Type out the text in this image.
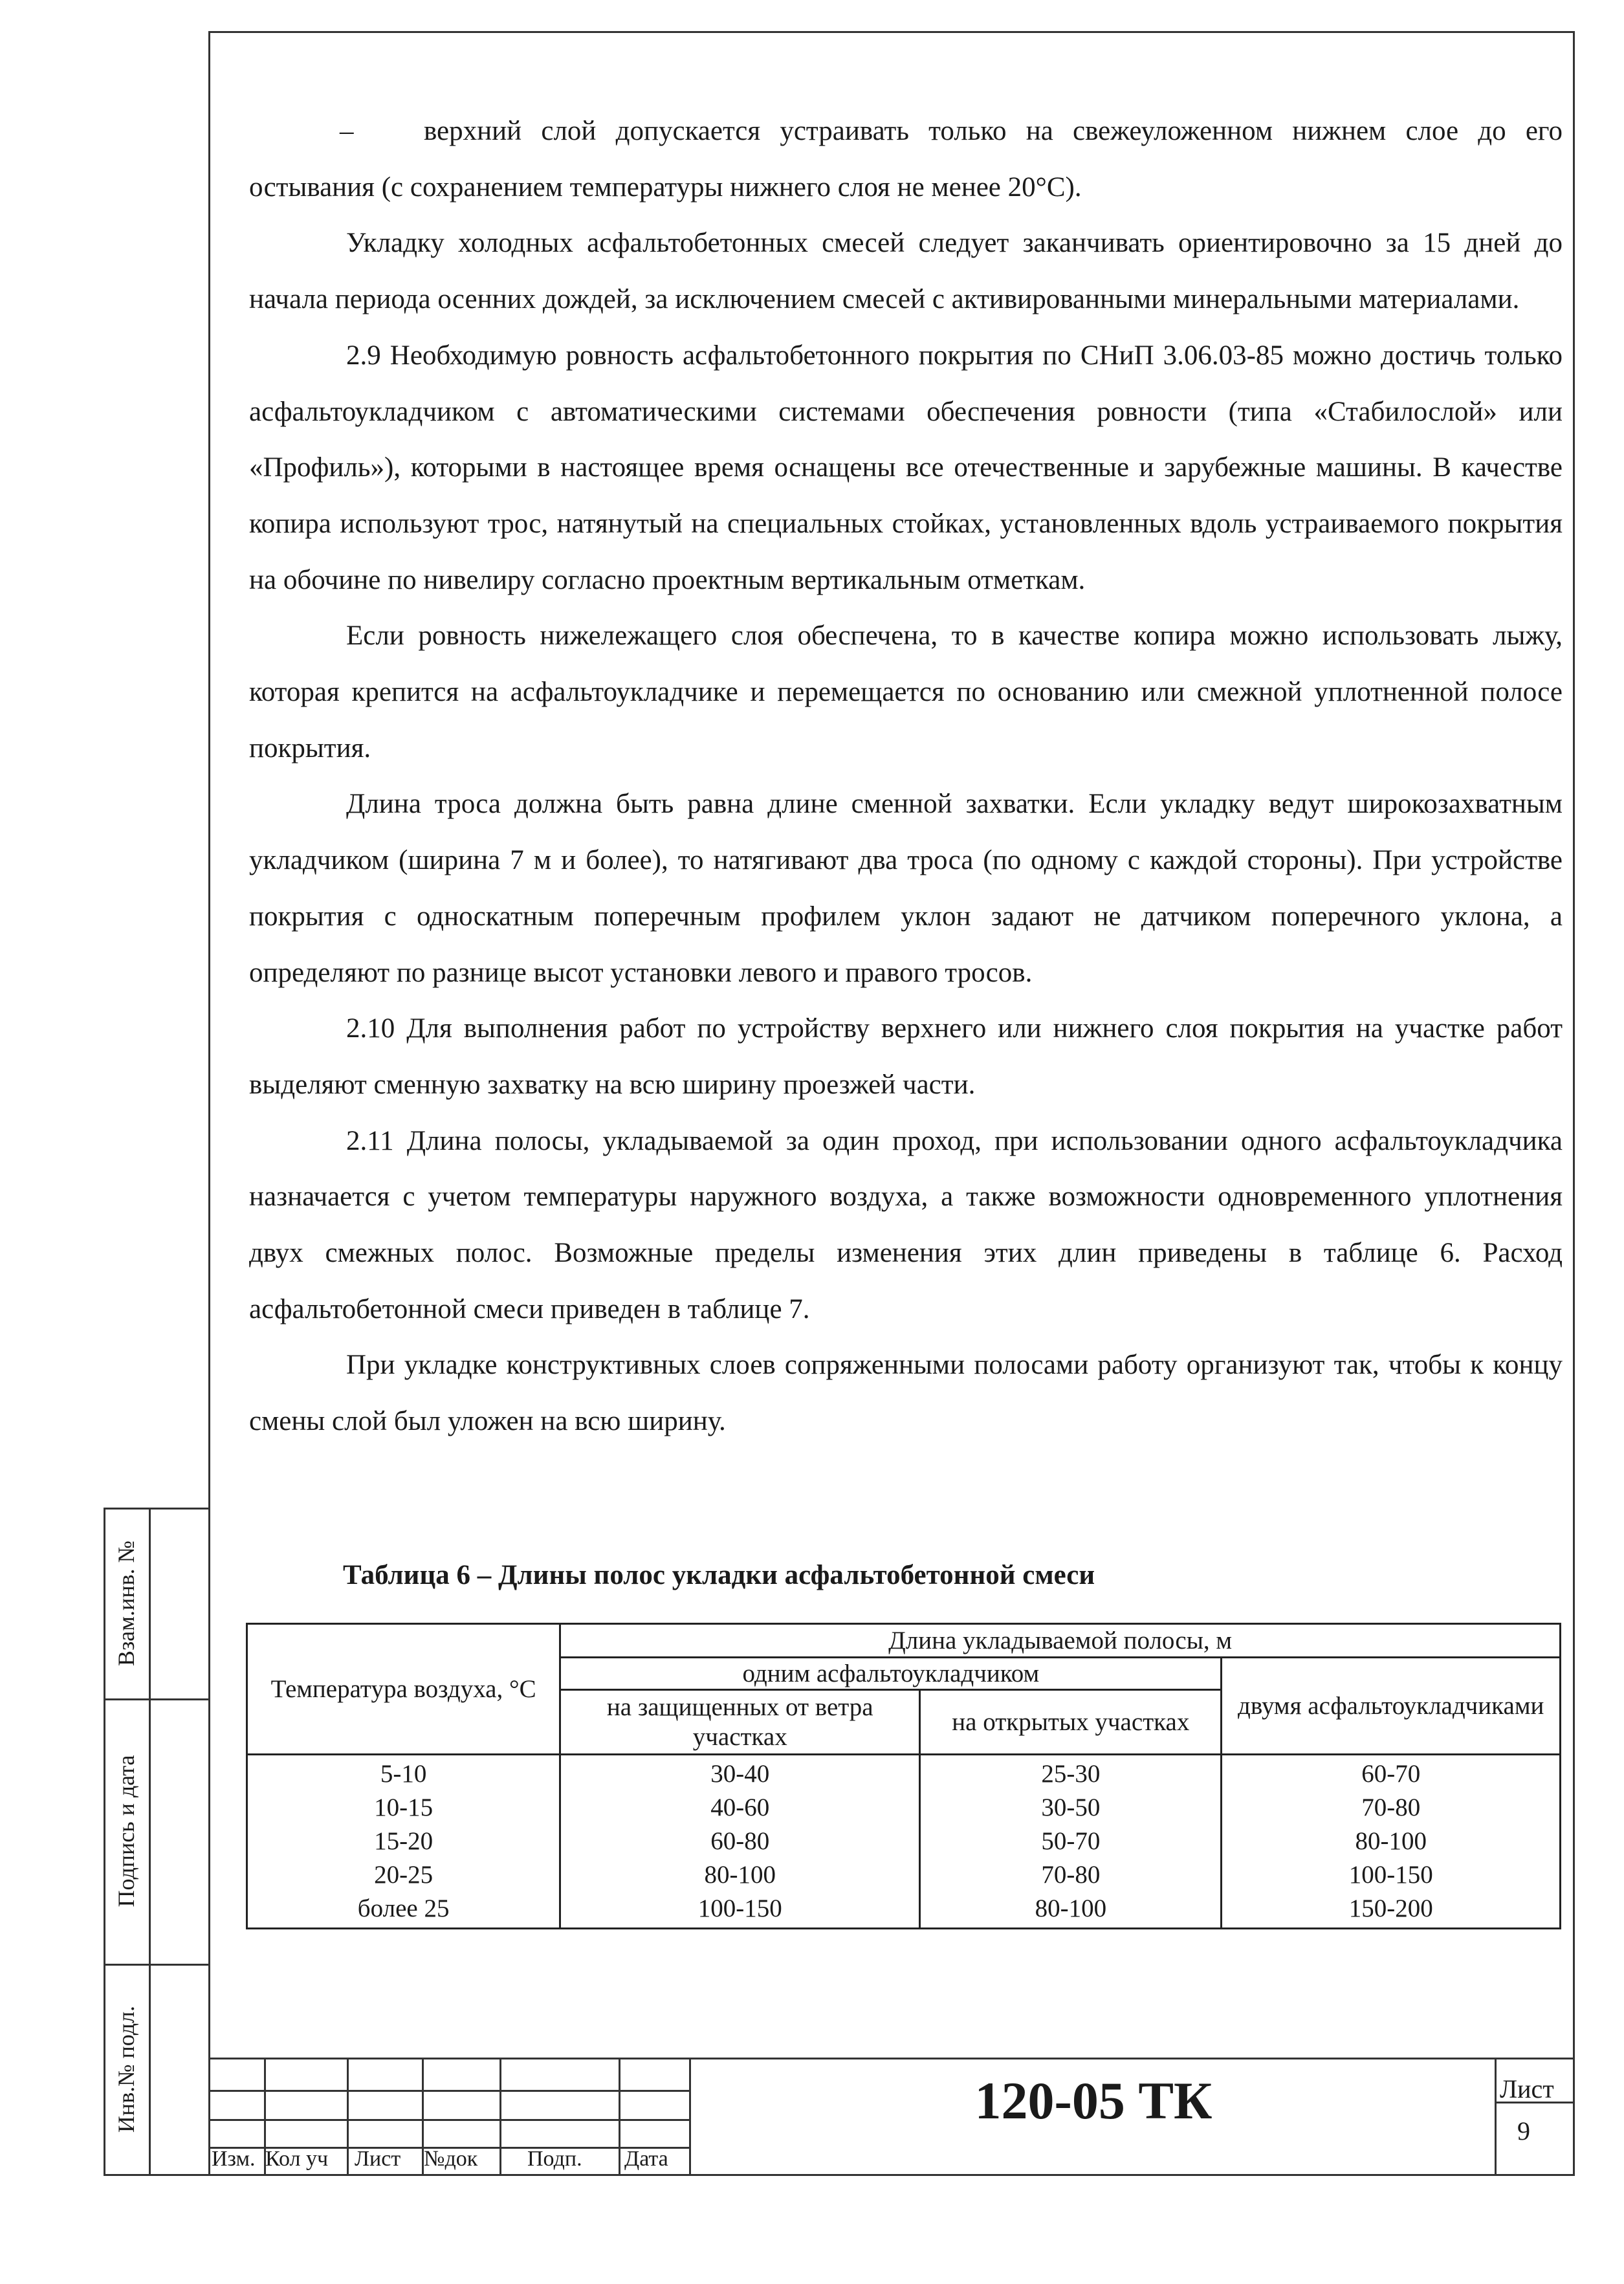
Взам.инв. №
Подпись и дата
Инв.№ подл.

–	верхний слой допускается устраивать только на свежеуложенном нижнем слое до его остывания (с сохранением температуры нижнего слоя не менее 20°С).

Укладку холодных асфальтобетонных смесей следует заканчивать ориентировочно за 15 дней до начала периода осенних дождей, за исключением смесей с активированными минеральными материалами.

2.9 Необходимую ровность асфальтобетонного покрытия по СНиП 3.06.03-85 можно достичь только асфальтоукладчиком с автоматическими системами обеспечения ровности (типа «Стабилослой» или «Профиль»), которыми в настоящее время оснащены все отечественные и зарубежные машины. В качестве копира используют трос, натянутый на специальных стойках, установленных вдоль устраиваемого покрытия на обочине по нивелиру согласно проектным вертикальным отметкам.

Если ровность нижележащего слоя обеспечена, то в качестве копира можно использовать лыжу, которая крепится на асфальтоукладчике и перемещается по основанию или смежной уплотненной полосе покрытия.

Длина троса должна быть равна длине сменной захватки. Если укладку ведут широкозахватным укладчиком (ширина 7 м и более), то натягивают два троса (по одному с каждой стороны). При устройстве покрытия с односкатным поперечным профилем уклон задают не датчиком поперечного уклона, а определяют по разнице высот установки левого и правого тросов.

2.10 Для выполнения работ по устройству верхнего или нижнего слоя покрытия на участке работ выделяют сменную захватку на всю ширину проезжей части.

2.11 Длина полосы, укладываемой за один проход, при использовании одного асфальтоукладчика назначается с учетом температуры наружного воздуха, а также возможности одновременного уплотнения двух смежных полос. Возможные пределы изменения этих длин приведены в таблице 6. Расход асфальтобетонной смеси приведен в таблице 7.

При укладке конструктивных слоев сопряженными полосами работу организуют так, чтобы к концу смены слой был уложен на всю ширину.

Таблица 6 – Длины полос укладки асфальтобетонной смеси
Температура воздуха, °С	Длина укладываемой полосы, м		
	одним асфальтоукладчиком		двумя асфальтоукладчиками
	на защищенных от ветра участках	на открытых участках	
5-10	30-40	25-30	60-70
10-15	40-60	30-50	70-80
15-20	60-80	50-70	80-100
20-25	80-100	70-80	100-150
более 25	100-150	80-100	150-200
Изм. Кол уч Лист №док Подп. Дата
120-05 ТК	Лист
9
